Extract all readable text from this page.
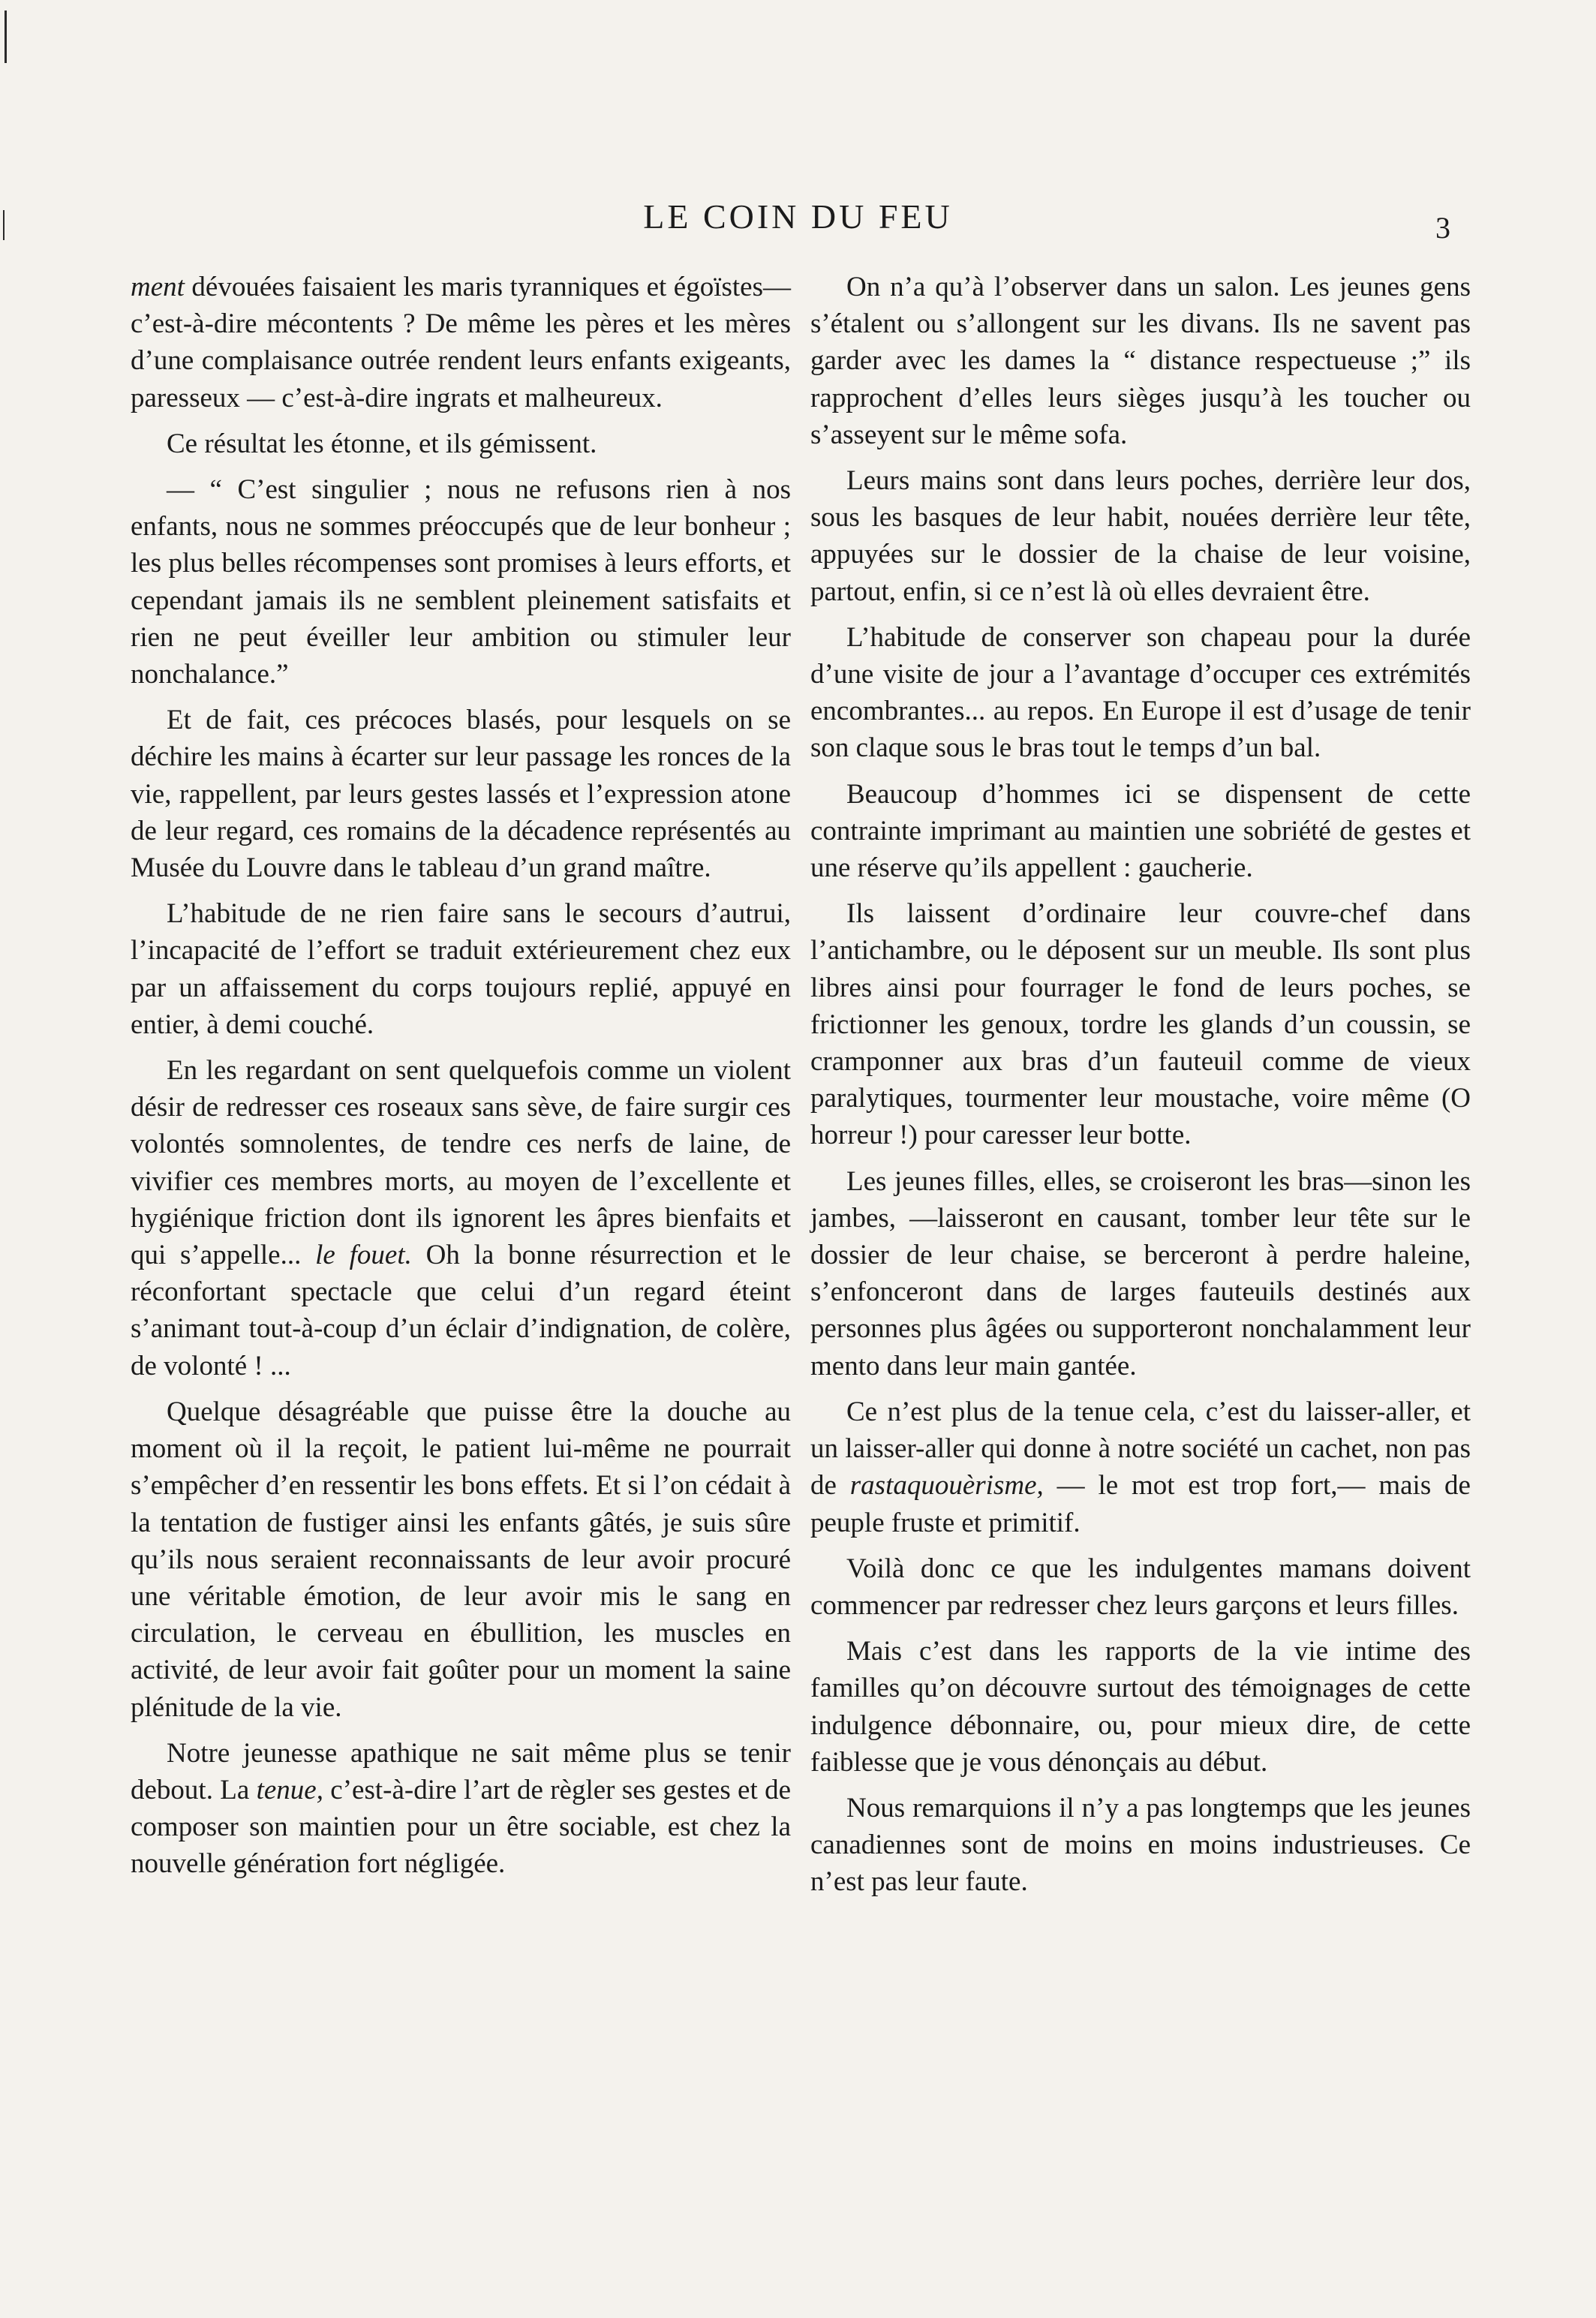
LE COIN DU FEU	3

ment dévouées faisaient les maris tyranniques et égoïstes—c’est-à-dire mécontents ? De même les pères et les mères d’une complaisance outrée rendent leurs enfants exigeants, paresseux — c’est-à-dire ingrats et malheureux.

Ce résultat les étonne, et ils gémissent.

— “ C’est singulier ; nous ne refusons rien à nos enfants, nous ne sommes préoccupés que de leur bonheur ; les plus belles récompenses sont promises à leurs efforts, et cependant jamais ils ne semblent pleinement satisfaits et rien ne peut éveiller leur ambition ou stimuler leur nonchalance.”

Et de fait, ces précoces blasés, pour lesquels on se déchire les mains à écarter sur leur passage les ronces de la vie, rappellent, par leurs gestes lassés et l’expression atone de leur regard, ces romains de la décadence représentés au Musée du Louvre dans le tableau d’un grand maître.

L’habitude de ne rien faire sans le secours d’autrui, l’incapacité de l’effort se traduit extérieurement chez eux par un affaissement du corps toujours replié, appuyé en entier, à demi couché.

En les regardant on sent quelquefois comme un violent désir de redresser ces roseaux sans sève, de faire surgir ces volontés somnolentes, de tendre ces nerfs de laine, de vivifier ces membres morts, au moyen de l’excellente et hygiénique friction dont ils ignorent les âpres bienfaits et qui s’appelle... le fouet. Oh la bonne résurrection et le réconfortant spectacle que celui d’un regard éteint s’animant tout-à-coup d’un éclair d’indignation, de colère, de volonté ! ...

Quelque désagréable que puisse être la douche au moment où il la reçoit, le patient lui-même ne pourrait s’empêcher d’en ressentir les bons effets. Et si l’on cédait à la tentation de fustiger ainsi les enfants gâtés, je suis sûre qu’ils nous seraient reconnaissants de leur avoir procuré une véritable émotion, de leur avoir mis le sang en circulation, le cerveau en ébullition, les muscles en activité, de leur avoir fait goûter pour un moment la saine plénitude de la vie.

Notre jeunesse apathique ne sait même plus se tenir debout. La tenue, c’est-à-dire l’art de règler ses gestes et de composer son maintien pour un être sociable, est chez la nouvelle génération fort négligée.

On n’a qu’à l’observer dans un salon. Les jeunes gens s’étalent ou s’allongent sur les divans. Ils ne savent pas garder avec les dames la “ distance respectueuse ;” ils rapprochent d’elles leurs sièges jusqu’à les toucher ou s’asseyent sur le même sofa.

Leurs mains sont dans leurs poches, derrière leur dos, sous les basques de leur habit, nouées derrière leur tête, appuyées sur le dossier de la chaise de leur voisine, partout, enfin, si ce n’est là où elles devraient être.

L’habitude de conserver son chapeau pour la durée d’une visite de jour a l’avantage d’occuper ces extrémités encombrantes... au repos. En Europe il est d’usage de tenir son claque sous le bras tout le temps d’un bal.

Beaucoup d’hommes ici se dispensent de cette contrainte imprimant au maintien une sobriété de gestes et une réserve qu’ils appellent : gaucherie.

Ils laissent d’ordinaire leur couvre-chef dans l’antichambre, ou le déposent sur un meuble. Ils sont plus libres ainsi pour fourrager le fond de leurs poches, se frictionner les genoux, tordre les glands d’un coussin, se cramponner aux bras d’un fauteuil comme de vieux paralytiques, tourmenter leur moustache, voire même (O horreur !) pour caresser leur botte.

Les jeunes filles, elles, se croiseront les bras—sinon les jambes, —laisseront en causant, tomber leur tête sur le dossier de leur chaise, se berceront à perdre haleine, s’enfonceront dans de larges fauteuils destinés aux personnes plus âgées ou supporteront nonchalamment leur mento dans leur main gantée.

Ce n’est plus de la tenue cela, c’est du laisser-aller, et un laisser-aller qui donne à notre société un cachet, non pas de rastaquouèrisme, — le mot est trop fort,— mais de peuple fruste et primitif.

Voilà donc ce que les indulgentes mamans doivent commencer par redresser chez leurs garçons et leurs filles.

Mais c’est dans les rapports de la vie intime des familles qu’on découvre surtout des témoignages de cette indulgence débonnaire, ou, pour mieux dire, de cette faiblesse que je vous dénonçais au début.

Nous remarquions il n’y a pas longtemps que les jeunes canadiennes sont de moins en moins industrieuses. Ce n’est pas leur faute.
